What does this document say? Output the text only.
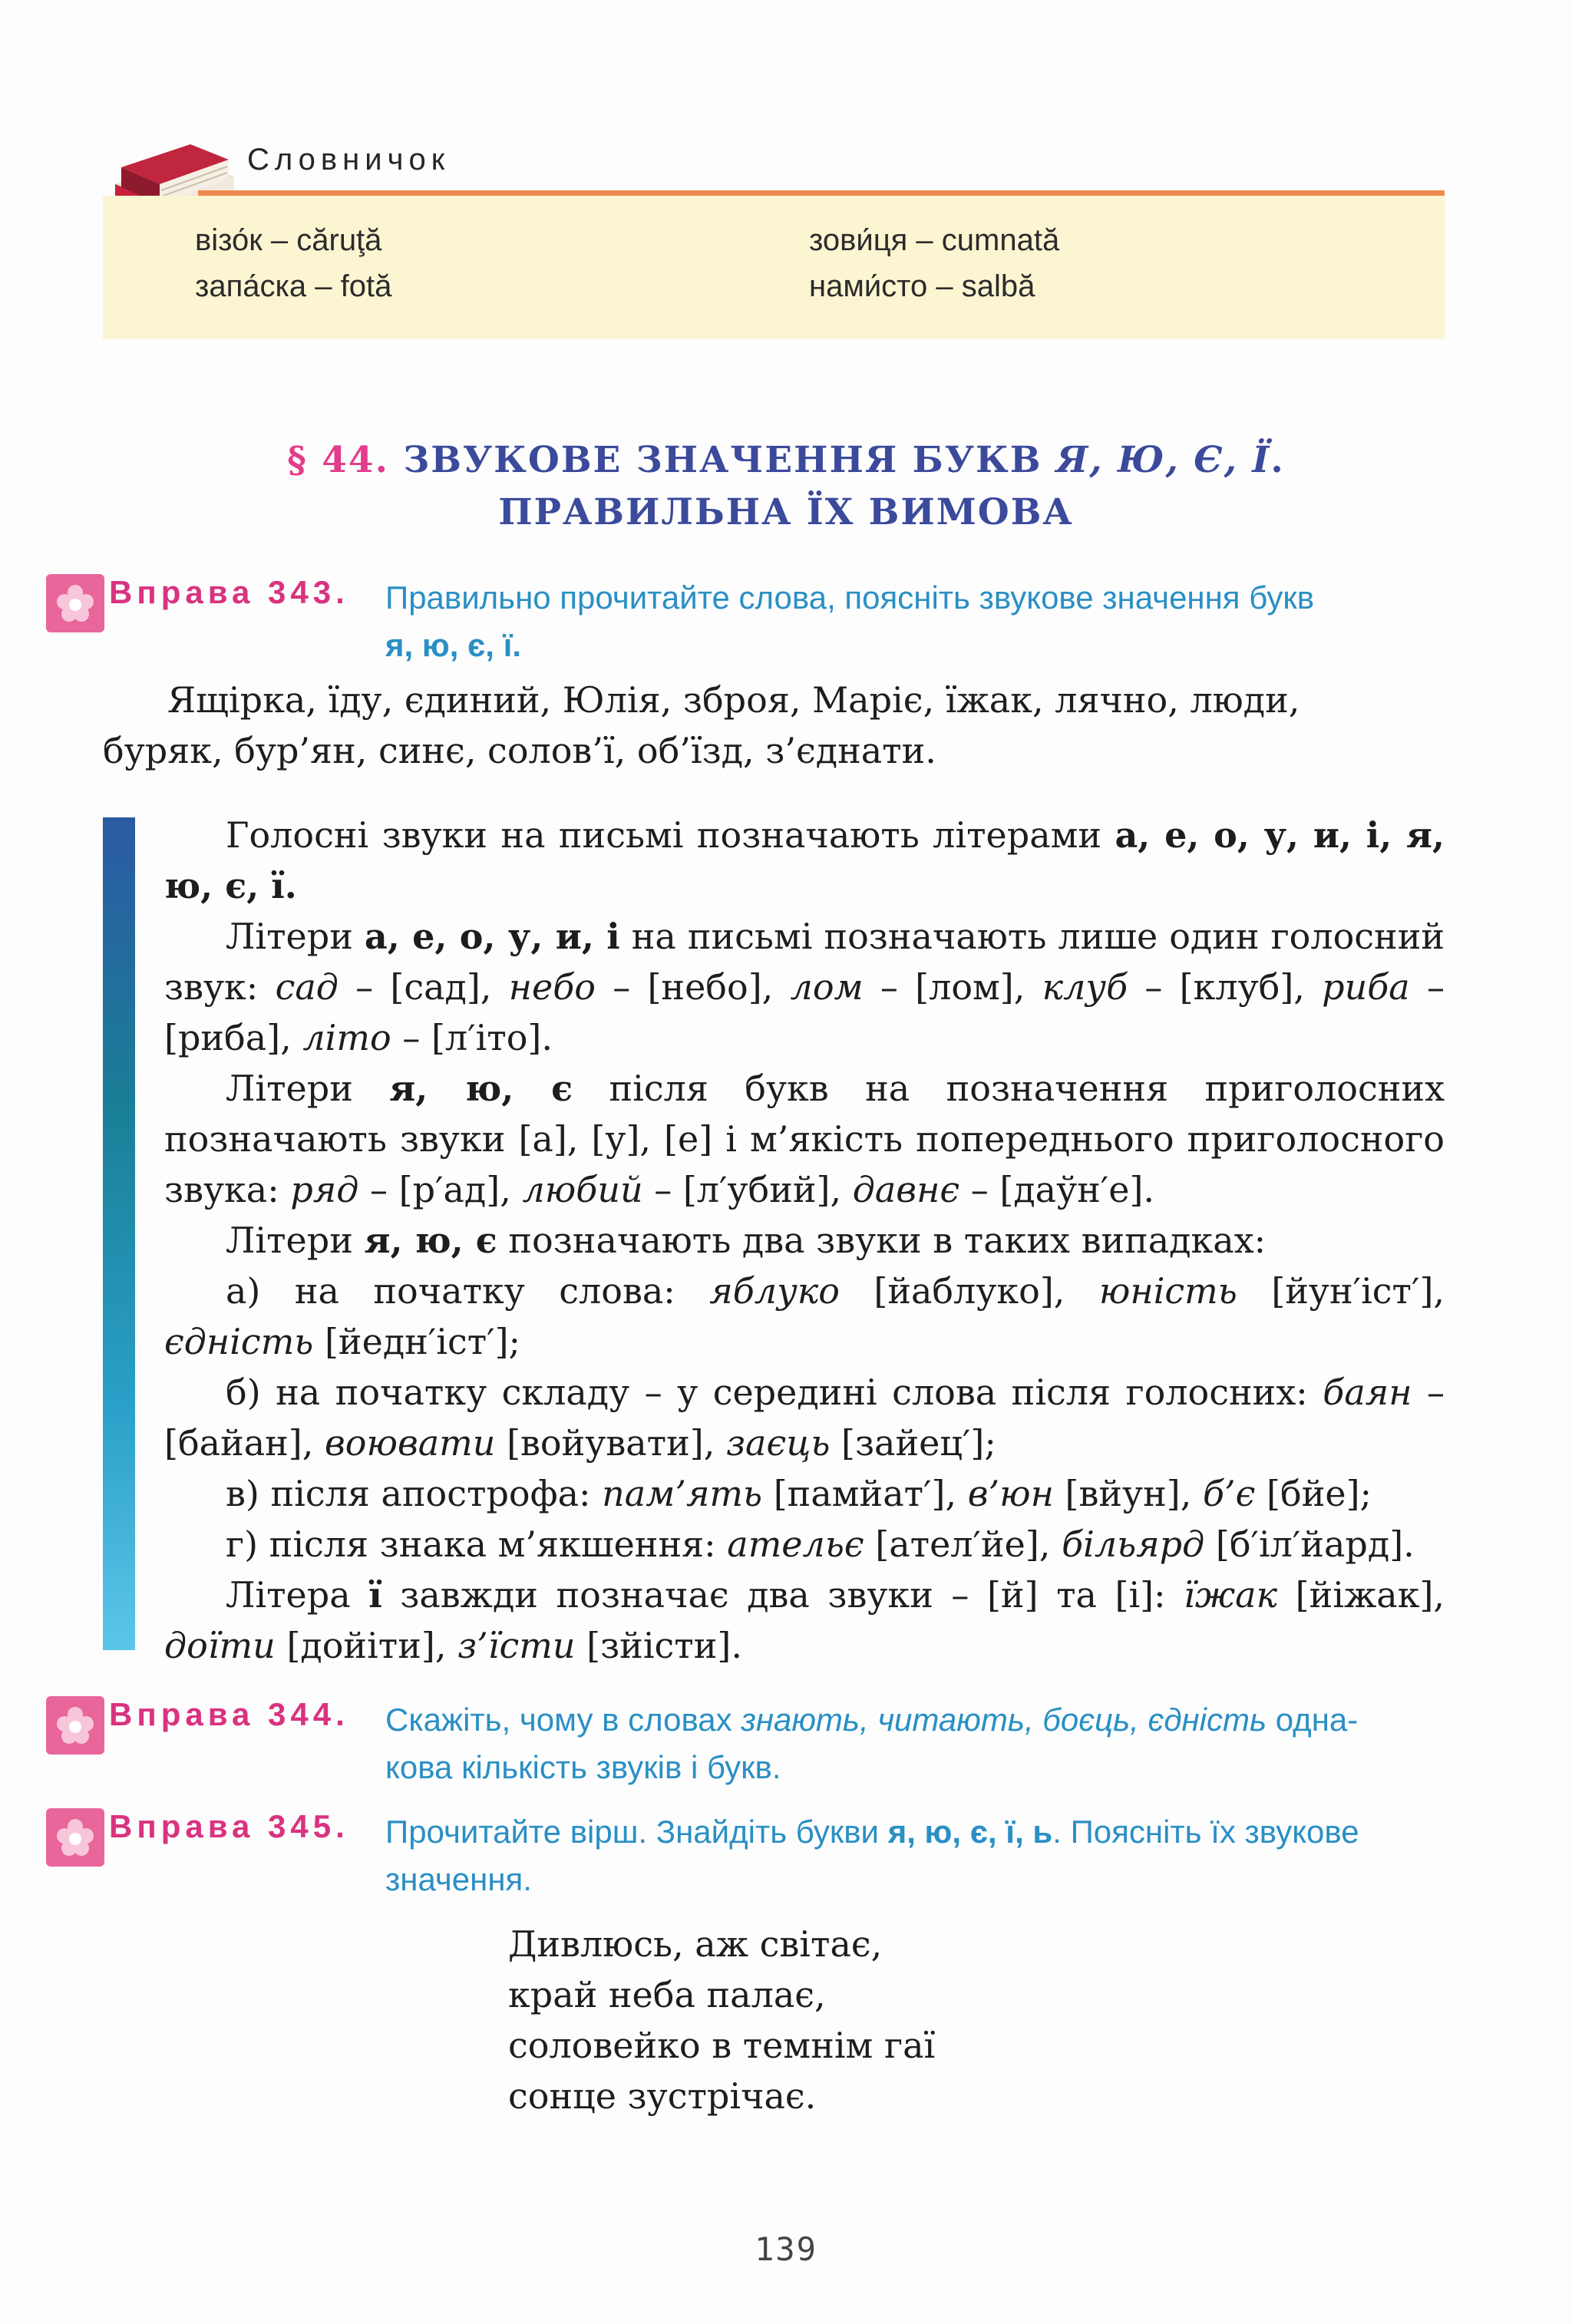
Словничок
візо́к – căruţă	зови́ця – cumnată
запа́ска – fotă	нами́сто – salbă
§ 44. ЗВУКОВЕ ЗНАЧЕННЯ БУКВ Я, Ю, Є, Ї.
ПРАВИЛЬНА ЇХ ВИМОВА
Вправа 343. Правильно прочитайте слова, поясніть звукове значення букв
я, ю, є, ї.
Ящірка, їду, єдиний, Юлія, зброя, Маріє, їжак, лячно, люди,
буряк, бур’ян, синє, солов’ї, об’їзд, з’єднати.

Голосні звуки на письмі позначають літерами а, е, о, у, и, і, я, ю, є, ї.

Літери а, е, о, у, и, і на письмі позначають лише один голосний звук: сад – [сад], небо – [небо], лом – [лом], клуб – [клуб], риба – [риба], літо – [л′іто].

Літери я, ю, є після букв на позначення приголосних позначають звуки [а], [у], [е] і м’якість попереднього приголосного звука: ряд – [р′ад], любий – [л′убий], давнє – [даўн′е].

Літери я, ю, є позначають два звуки в таких випадках:

а) на початку слова: яблуко [йаблуко], юність [йун′іст′], єдність [йедн′іст′];

б) на початку складу – у середині слова після голосних: баян – [байан], воювати [войувати], заєць [зайец′];

в) після апострофа: пам’ять [памйат′], в’юн [вйун], б’є [бйе];

г) після знака м’якшення: ательє [ател′йе], більярд [б′іл′йард].

Літера ї завжди позначає два звуки – [й] та [і]: їжак [йіжак], доїти [дойіти], з’їсти [зйісти].

Вправа 344. Скажіть, чому в словах знають, читають, боєць, єдність одна-
кова кількість звуків і букв.
Вправа 345. Прочитайте вірш. Знайдіть букви я, ю, є, ї, ь. Поясніть їх звукове
значення.
Дивлюсь, аж світає,
край неба палає,
соловейко в темнім гаї
сонце зустрічає.
139
